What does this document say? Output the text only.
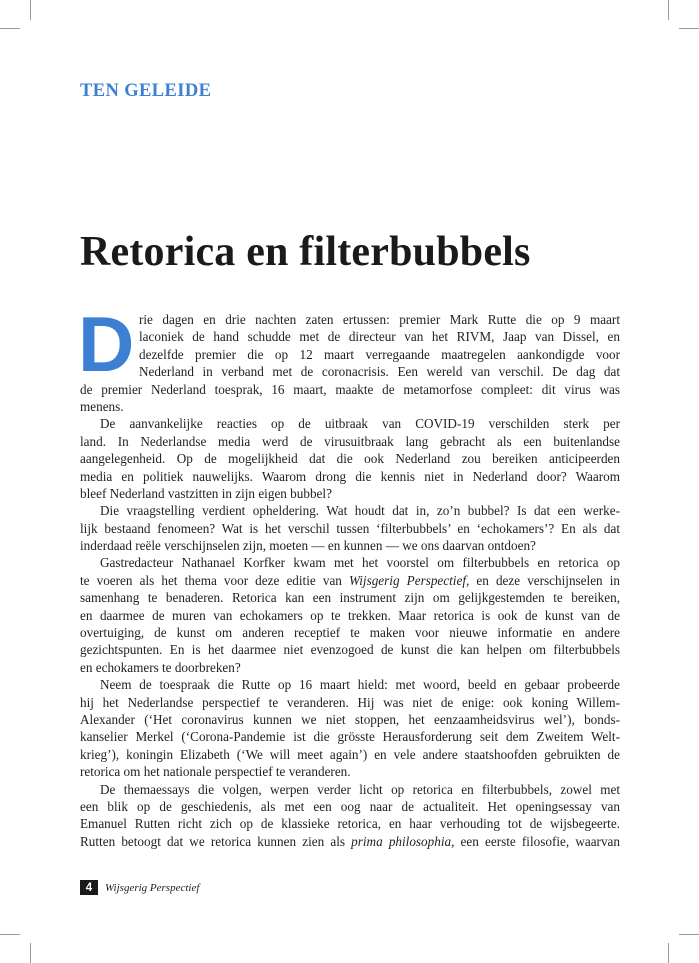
TEN GELEIDE
Retorica en filterbubbels
D rie dagen en drie nachten zaten ertussen: premier Mark Rutte die op 9 maart
laconiek de hand schudde met de directeur van het RIVM, Jaap van Dissel, en
dezelfde premier die op 12 maart verregaande maatregelen aankondigde voor
Nederland in verband met de coronacrisis. Een wereld van verschil. De dag dat
de premier Nederland toesprak, 16 maart, maakte de metamorfose compleet: dit virus was
menens.
De aanvankelijke reacties op de uitbraak van COVID-19 verschilden sterk per
land. In Nederlandse media werd de virusuitbraak lang gebracht als een buitenlandse
aangelegenheid. Op de mogelijkheid dat die ook Nederland zou bereiken anticipeerden
media en politiek nauwelijks. Waarom drong die kennis niet in Nederland door? Waarom
bleef Nederland vastzitten in zijn eigen bubbel?
Die vraagstelling verdient opheldering. Wat houdt dat in, zo’n bubbel? Is dat een werke-
lijk bestaand fenomeen? Wat is het verschil tussen ‘filterbubbels’ en ‘echokamers’? En als dat
inderdaad reële verschijnselen zijn, moeten — en kunnen — we ons daarvan ontdoen?
Gastredacteur Nathanael Korfker kwam met het voorstel om filterbubbels en retorica op
te voeren als het thema voor deze editie van Wijsgerig Perspectief, en deze verschijnselen in
samenhang te benaderen. Retorica kan een instrument zijn om gelijkgestemden te bereiken,
en daarmee de muren van echokamers op te trekken. Maar retorica is ook de kunst van de
overtuiging, de kunst om anderen receptief te maken voor nieuwe informatie en andere
gezichtspunten. En is het daarmee niet evenzogoed de kunst die kan helpen om filterbubbels
en echokamers te doorbreken?
Neem de toespraak die Rutte op 16 maart hield: met woord, beeld en gebaar probeerde
hij het Nederlandse perspectief te veranderen. Hij was niet de enige: ook koning Willem-
Alexander (‘Het coronavirus kunnen we niet stoppen, het eenzaamheidsvirus wel’), bonds-
kanselier Merkel (‘Corona-Pandemie ist die grösste Herausforderung seit dem Zweitem Welt-
krieg’), koningin Elizabeth (‘We will meet again’) en vele andere staatshoofden gebruikten de
retorica om het nationale perspectief te veranderen.
De themaessays die volgen, werpen verder licht op retorica en filterbubbels, zowel met
een blik op de geschiedenis, als met een oog naar de actualiteit. Het openingsessay van
Emanuel Rutten richt zich op de klassieke retorica, en haar verhouding tot de wijsbegeerte.
Rutten betoogt dat we retorica kunnen zien als prima philosophia, een eerste filosofie, waarvan
4	Wijsgerig Perspectief
